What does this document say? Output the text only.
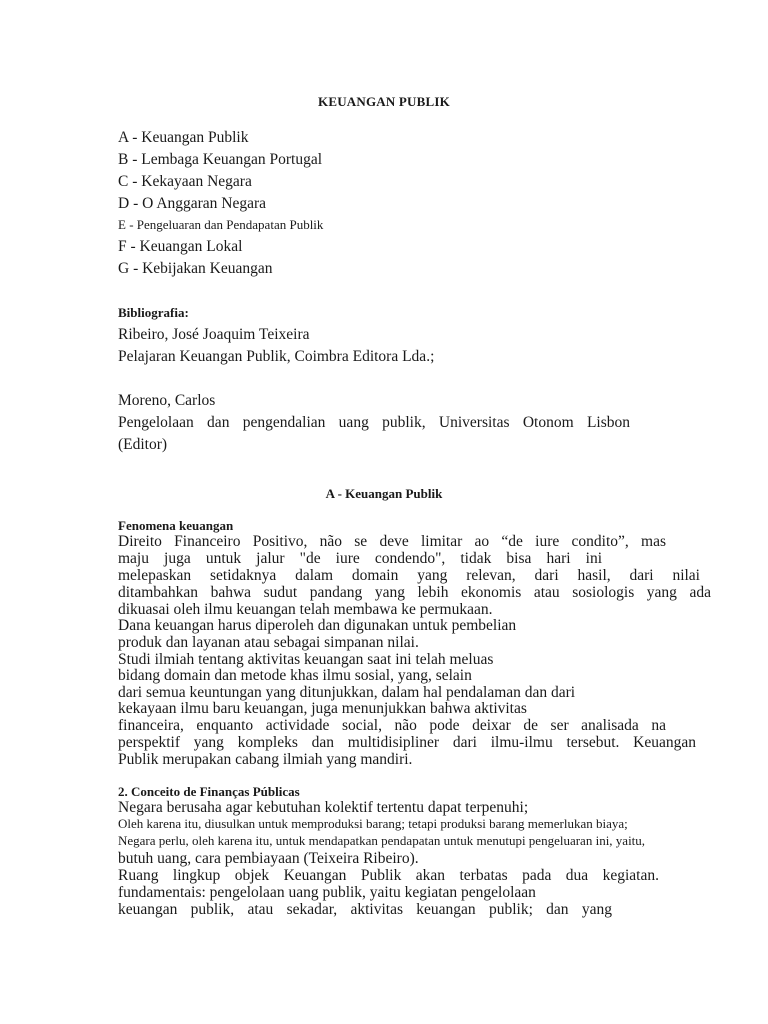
KEUANGAN PUBLIK
A - Keuangan Publik
B - Lembaga Keuangan Portugal
C - Kekayaan Negara
D - O Anggaran Negara
E - Pengeluaran dan Pendapatan Publik
F - Keuangan Lokal
G - Kebijakan Keuangan
Bibliografia:
Ribeiro, José Joaquim Teixeira
Pelajaran Keuangan Publik, Coimbra Editora Lda.;
Moreno, Carlos
Pengelolaan dan pengendalian uang publik, Universitas Otonom Lisbon
(Editor)
A - Keuangan Publik
Fenomena keuangan
Direito Financeiro Positivo, não se deve limitar ao “de iure condito”, mas
maju juga untuk jalur "de iure condendo", tidak bisa hari ini
melepaskan setidaknya dalam domain yang relevan, dari hasil, dari nilai
ditambahkan bahwa sudut pandang yang lebih ekonomis atau sosiologis yang ada
dikuasai oleh ilmu keuangan telah membawa ke permukaan.
Dana keuangan harus diperoleh dan digunakan untuk pembelian
produk dan layanan atau sebagai simpanan nilai.
Studi ilmiah tentang aktivitas keuangan saat ini telah meluas
bidang domain dan metode khas ilmu sosial, yang, selain
dari semua keuntungan yang ditunjukkan, dalam hal pendalaman dan dari
kekayaan ilmu baru keuangan, juga menunjukkan bahwa aktivitas
financeira, enquanto actividade social, não pode deixar de ser analisada na
perspektif yang kompleks dan multidisipliner dari ilmu-ilmu tersebut. Keuangan
Publik merupakan cabang ilmiah yang mandiri.
2. Conceito de Finanças Públicas
Negara berusaha agar kebutuhan kolektif tertentu dapat terpenuhi;
Oleh karena itu, diusulkan untuk memproduksi barang; tetapi produksi barang memerlukan biaya;
Negara perlu, oleh karena itu, untuk mendapatkan pendapatan untuk menutupi pengeluaran ini, yaitu,
butuh uang, cara pembiayaan (Teixeira Ribeiro).
Ruang lingkup objek Keuangan Publik akan terbatas pada dua kegiatan.
fundamentais: pengelolaan uang publik, yaitu kegiatan pengelolaan
keuangan publik, atau sekadar, aktivitas keuangan publik; dan yang
